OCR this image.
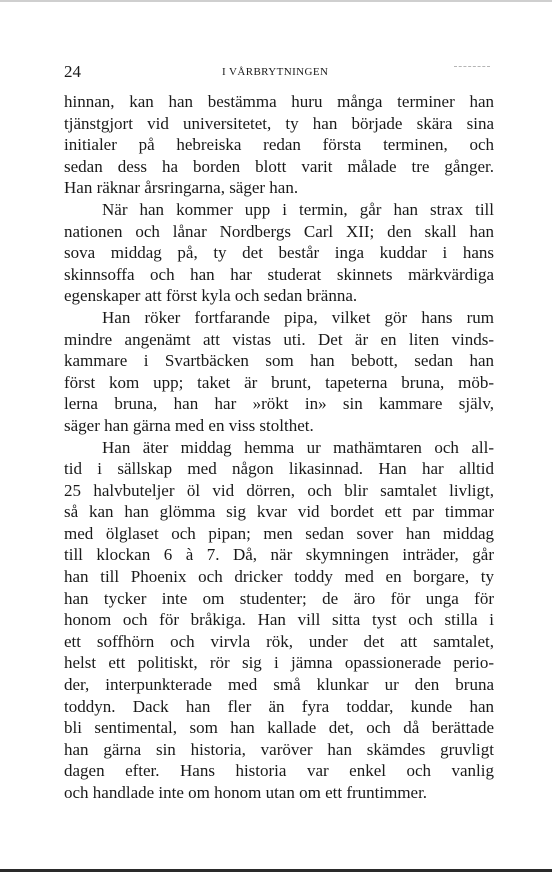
24	I VÅRBRYTNINGEN
hinnan, kan han bestämma huru många terminer han
tjänstgjort vid universitetet, ty han började skära sina
initialer på hebreiska redan första terminen, och
sedan dess ha borden blott varit målade tre gånger.
Han räknar årsringarna, säger han.
När han kommer upp i termin, går han strax till
nationen och lånar Nordbergs Carl XII; den skall han
sova middag på, ty det består inga kuddar i hans
skinnsoffa och han har studerat skinnets märkvärdiga
egenskaper att först kyla och sedan bränna.
Han röker fortfarande pipa, vilket gör hans rum
mindre angenämt att vistas uti. Det är en liten vinds-
kammare i Svartbäcken som han bebott, sedan han
först kom upp; taket är brunt, tapeterna bruna, möb-
lerna bruna, han har »rökt in» sin kammare själv,
säger han gärna med en viss stolthet.
Han äter middag hemma ur mathämtaren och all-
tid i sällskap med någon likasinnad. Han har alltid
25 halvbuteljer öl vid dörren, och blir samtalet livligt,
så kan han glömma sig kvar vid bordet ett par timmar
med ölglaset och pipan; men sedan sover han middag
till klockan 6 à 7. Då, när skymningen inträder, går
han till Phoenix och dricker toddy med en borgare, ty
han tycker inte om studenter; de äro för unga för
honom och för bråkiga. Han vill sitta tyst och stilla i
ett soffhörn och virvla rök, under det att samtalet,
helst ett politiskt, rör sig i jämna opassionerade perio-
der, interpunkterade med små klunkar ur den bruna
toddyn. Dack han fler än fyra toddar, kunde han
bli sentimental, som han kallade det, och då berättade
han gärna sin historia, varöver han skämdes gruvligt
dagen efter. Hans historia var enkel och vanlig
och handlade inte om honom utan om ett fruntimmer.
